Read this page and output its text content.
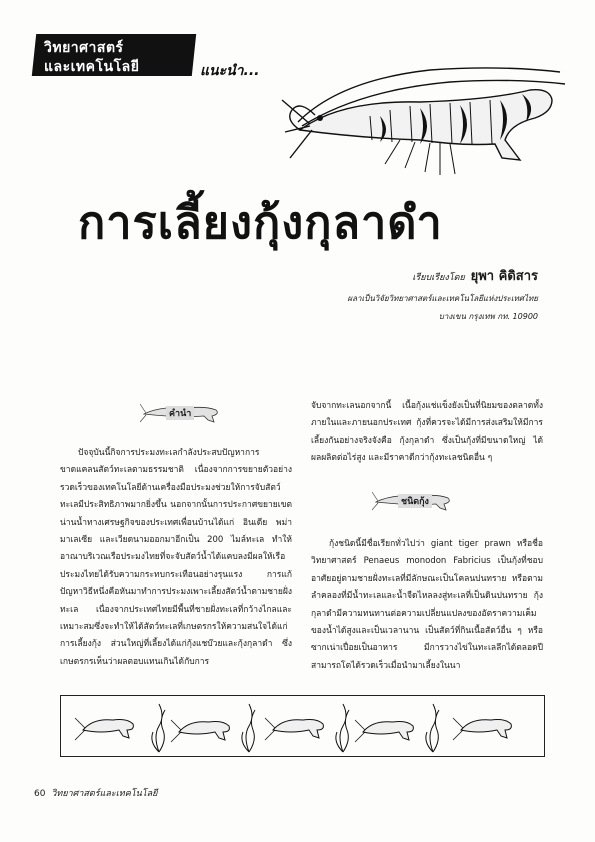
วิทยาศาสตร์
และเทคโนโลยี	แนะนำ...
การเลี้ยงกุ้งกุลาดำ
เรียบเรียงโดย ยุพา คิดิสาร
ผลาเป็นวิจัยวิทยาศาสตร์และเทคโนโลยีแห่งประเทศไทย
บางเขน กรุงเทพ กท. 10900
คำนำ

ปัจจุบันนี้กิจการประมงทะเลกำลังประสบปัญหาการขาดแคลนสัตว์ทะเลตามธรรมชาติ เนื่องจากการขยายตัวอย่างรวดเร็วของเทคโนโลยีด้านเครื่องมือประมงช่วยให้การจับสัตว์ทะเลมีประสิทธิภาพมากยิ่งขึ้น นอกจากนั้นการประกาศขยายเขตน่านน้ำทางเศรษฐกิจของประเทศเพื่อนบ้านได้แก่ อินเดีย พม่า มาเลเซีย และเวียดนามออกมาอีกเป็น 200 ไมล์ทะเล ทำให้อาณาบริเวณเรือประมงไทยที่จะจับสัตว์น้ำได้แคบลงมีผลให้เรือประมงไทยได้รับความกระทบกระเทือนอย่างรุนแรง การแก้ปัญหาวิธีหนึ่งคือหันมาทำการประมงเพาะเลี้ยงสัตว์น้ำตามชายฝั่งทะเล เนื่องจากประเทศไทยมีพื้นที่ชายฝั่งทะเลที่กว้างไกลและเหมาะสมซึ่งจะทำให้ได้สัตว์ทะเลที่เกษตรกรให้ความสนใจได้แก่การเลี้ยงกุ้ง ส่วนใหญ่ที่เลี้ยงได้แก่กุ้งแชบ๊วยและกุ้งกุลาดำ ซึ่งเกษตรกรเห็นว่าผลตอบแทนเกินได้กับการ

จับจากทะเลนอกจากนี้ เนื้อกุ้งแช่แข็งยังเป็นที่นิยมของตลาดทั้งภายในและภายนอกประเทศ กุ้งที่ควรจะได้มีการส่งเสริมให้มีการเลี้ยงกันอย่างจริงจังคือ กุ้งกุลาดำ ซึ่งเป็นกุ้งที่มีขนาดใหญ่ ได้ผลผลิตต่อไร่สูง และมีราคาดีกว่ากุ้งทะเลชนิดอื่น ๆ

ชนิดกุ้ง

กุ้งชนิดนี้มีชื่อเรียกทั่วไปว่า giant tiger prawn หรือชื่อวิทยาศาสตร์ Penaeus monodon Fabricius เป็นกุ้งที่ชอบอาศัยอยู่ตามชายฝั่งทะเลที่มีลักษณะเป็นโคลนปนทราย หรือตามลำคลองที่มีน้ำทะเลและน้ำจืดไหลลงสู่ทะเลที่เป็นดินปนทราย กุ้งกุลาดำมีความทนทานต่อความเปลี่ยนแปลงของอัตราความเค็มของน้ำได้สูงและเป็นเวลานาน เป็นสัตว์ที่กินเนื้อสัตว์อื่น ๆ หรือซากเน่าเปื่อยเป็นอาหาร มีการวางไข่ในทะเลลึกได้ตลอดปี สามารถโตได้รวดเร็วเมื่อนำมาเลี้ยงในนา

60 วิทยาศาสตร์และเทคโนโลยี
